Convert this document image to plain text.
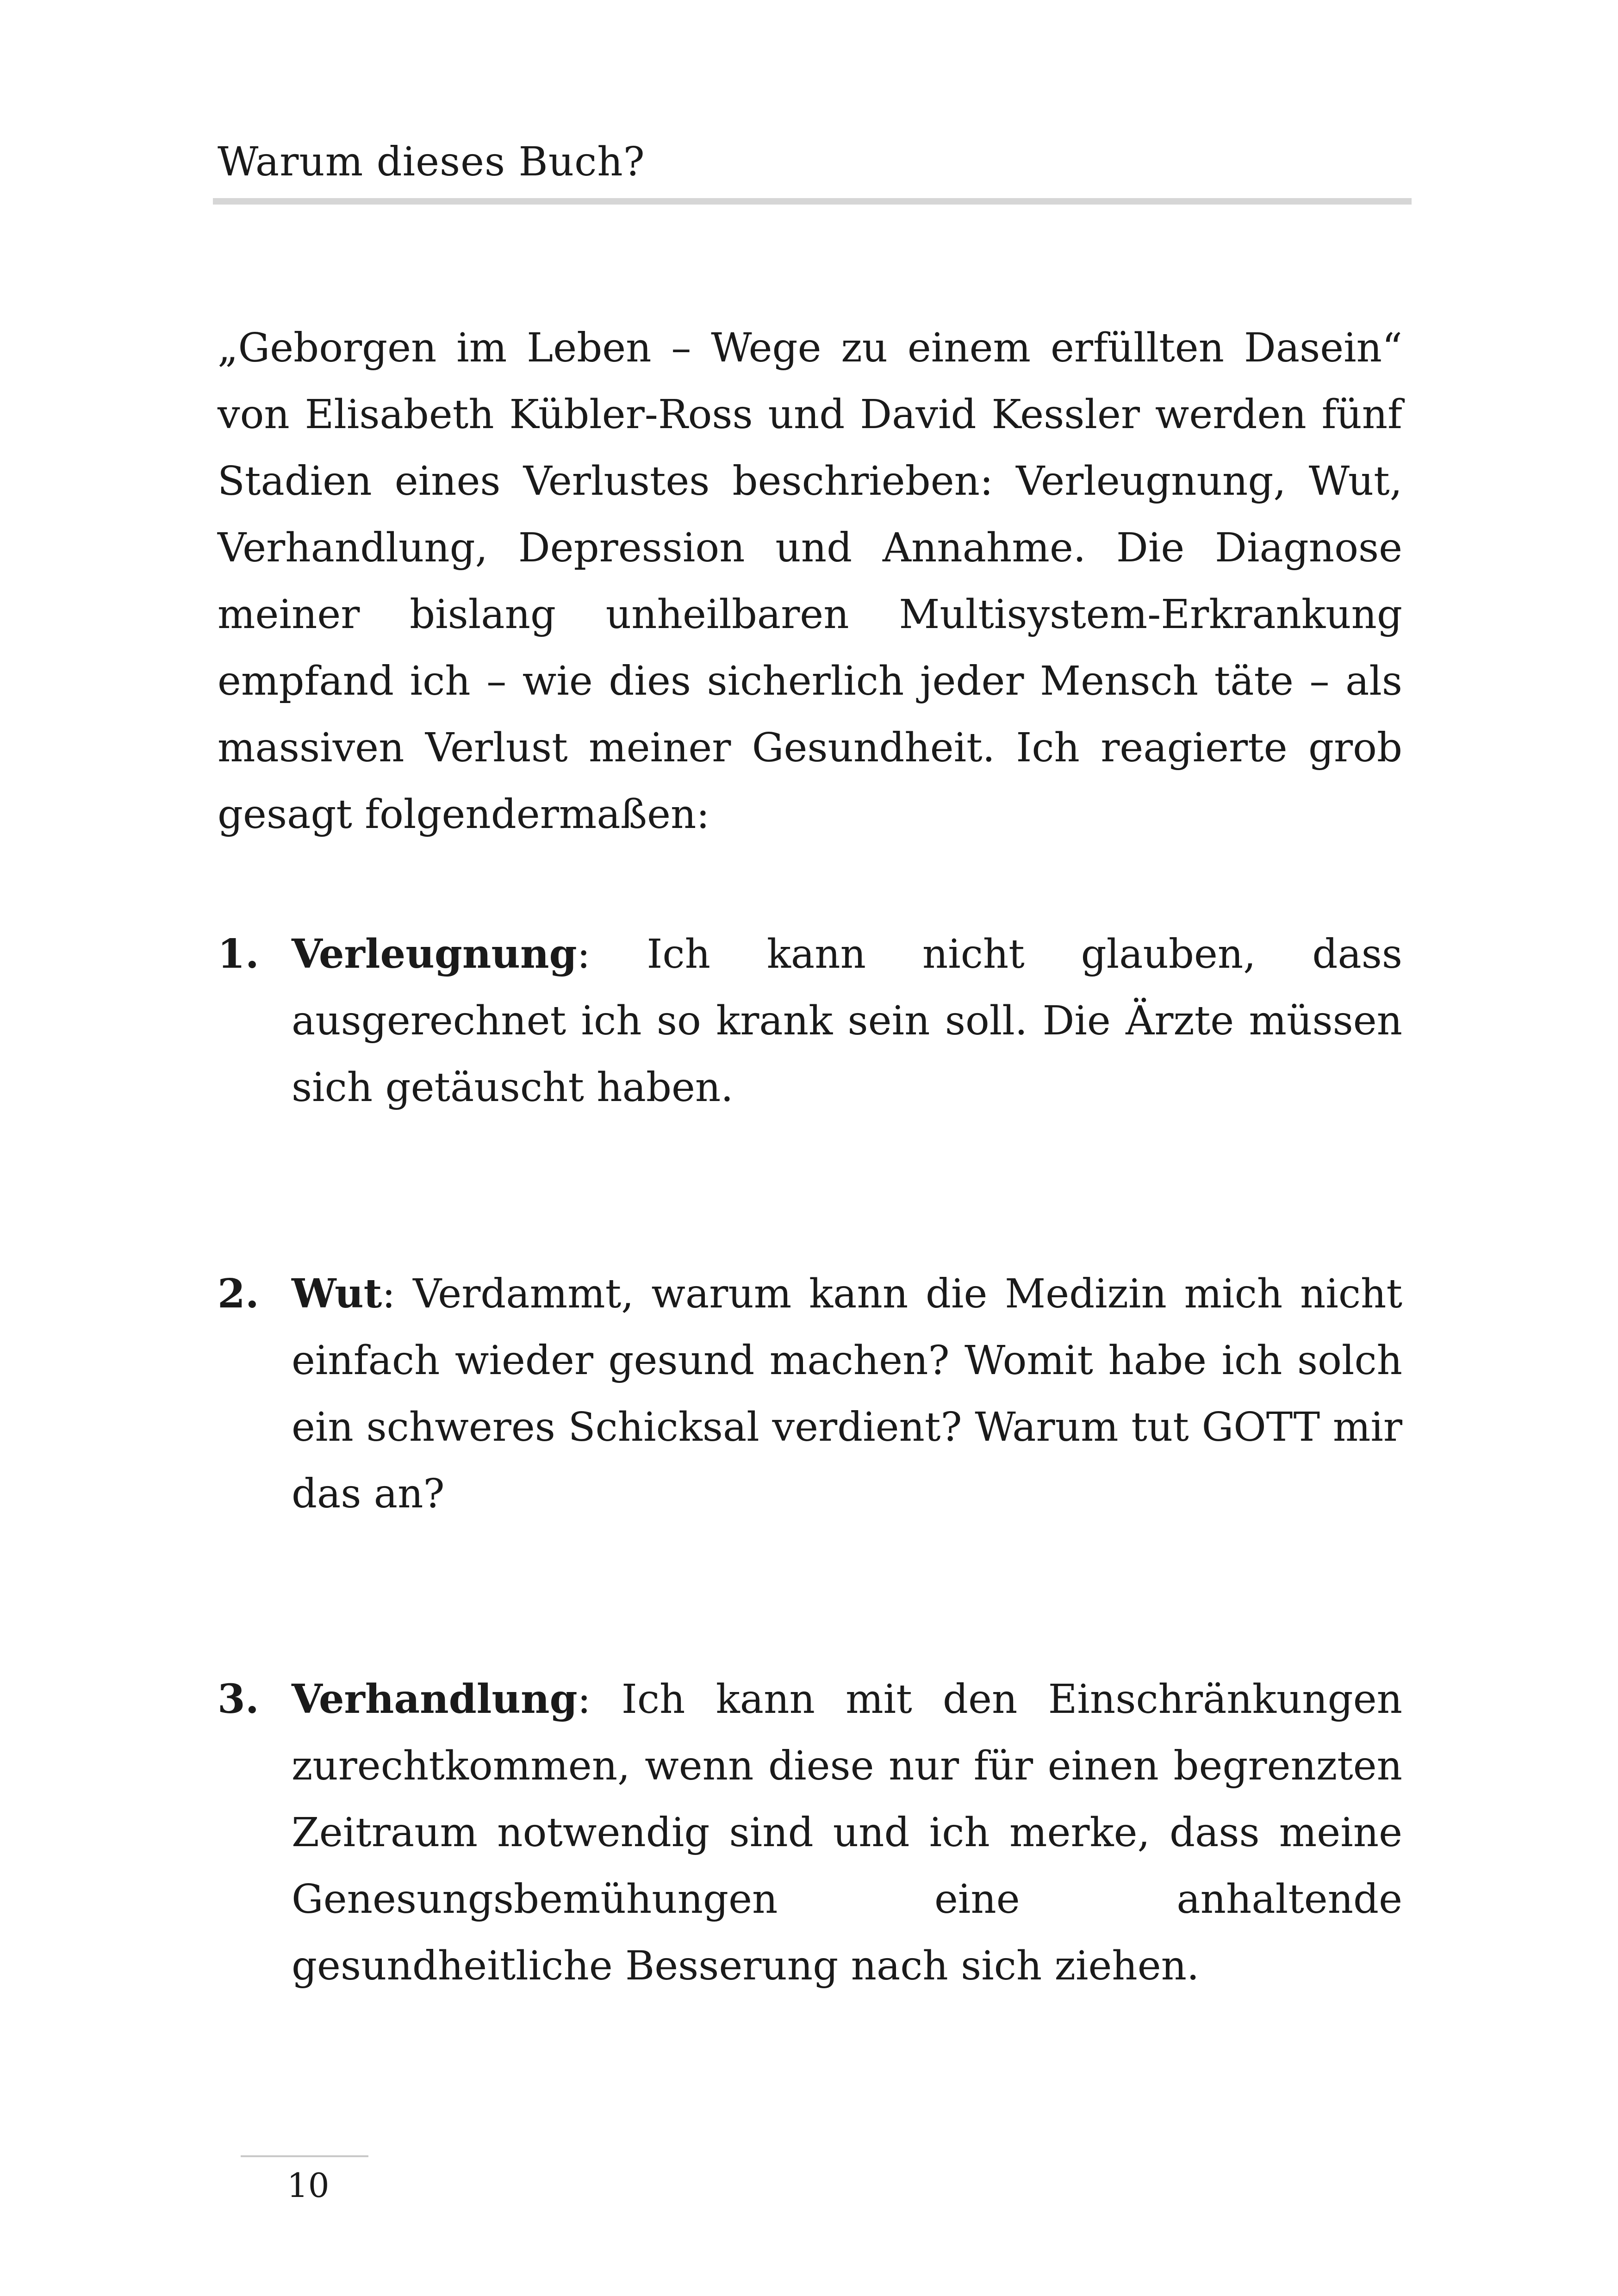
Warum dieses Buch?

„Geborgen im Leben – Wege zu einem erfüllten Dasein“ von Elisabeth Kübler-Ross und David Kessler werden fünf Stadien eines Verlustes beschrieben: Verleugnung, Wut, Verhandlung, Depression und Annahme. Die Diagnose meiner bislang unheilbaren Multisystem-Erkrankung empfand ich – wie dies sicherlich jeder Mensch täte – als massiven Verlust meiner Gesundheit. Ich reagierte grob gesagt folgendermaßen:

1. Verleugnung: Ich kann nicht glauben, dass ausgerechnet ich so krank sein soll. Die Ärzte müssen sich getäuscht haben.

2. Wut: Verdammt, warum kann die Medizin mich nicht einfach wieder gesund machen? Womit habe ich solch ein schweres Schicksal verdient? Warum tut GOTT mir das an?

3. Verhandlung: Ich kann mit den Einschränkungen zurechtkommen, wenn diese nur für einen begrenzten Zeitraum notwendig sind und ich merke, dass meine Genesungsbemühungen eine anhaltende gesundheitliche Besserung nach sich ziehen.

10
